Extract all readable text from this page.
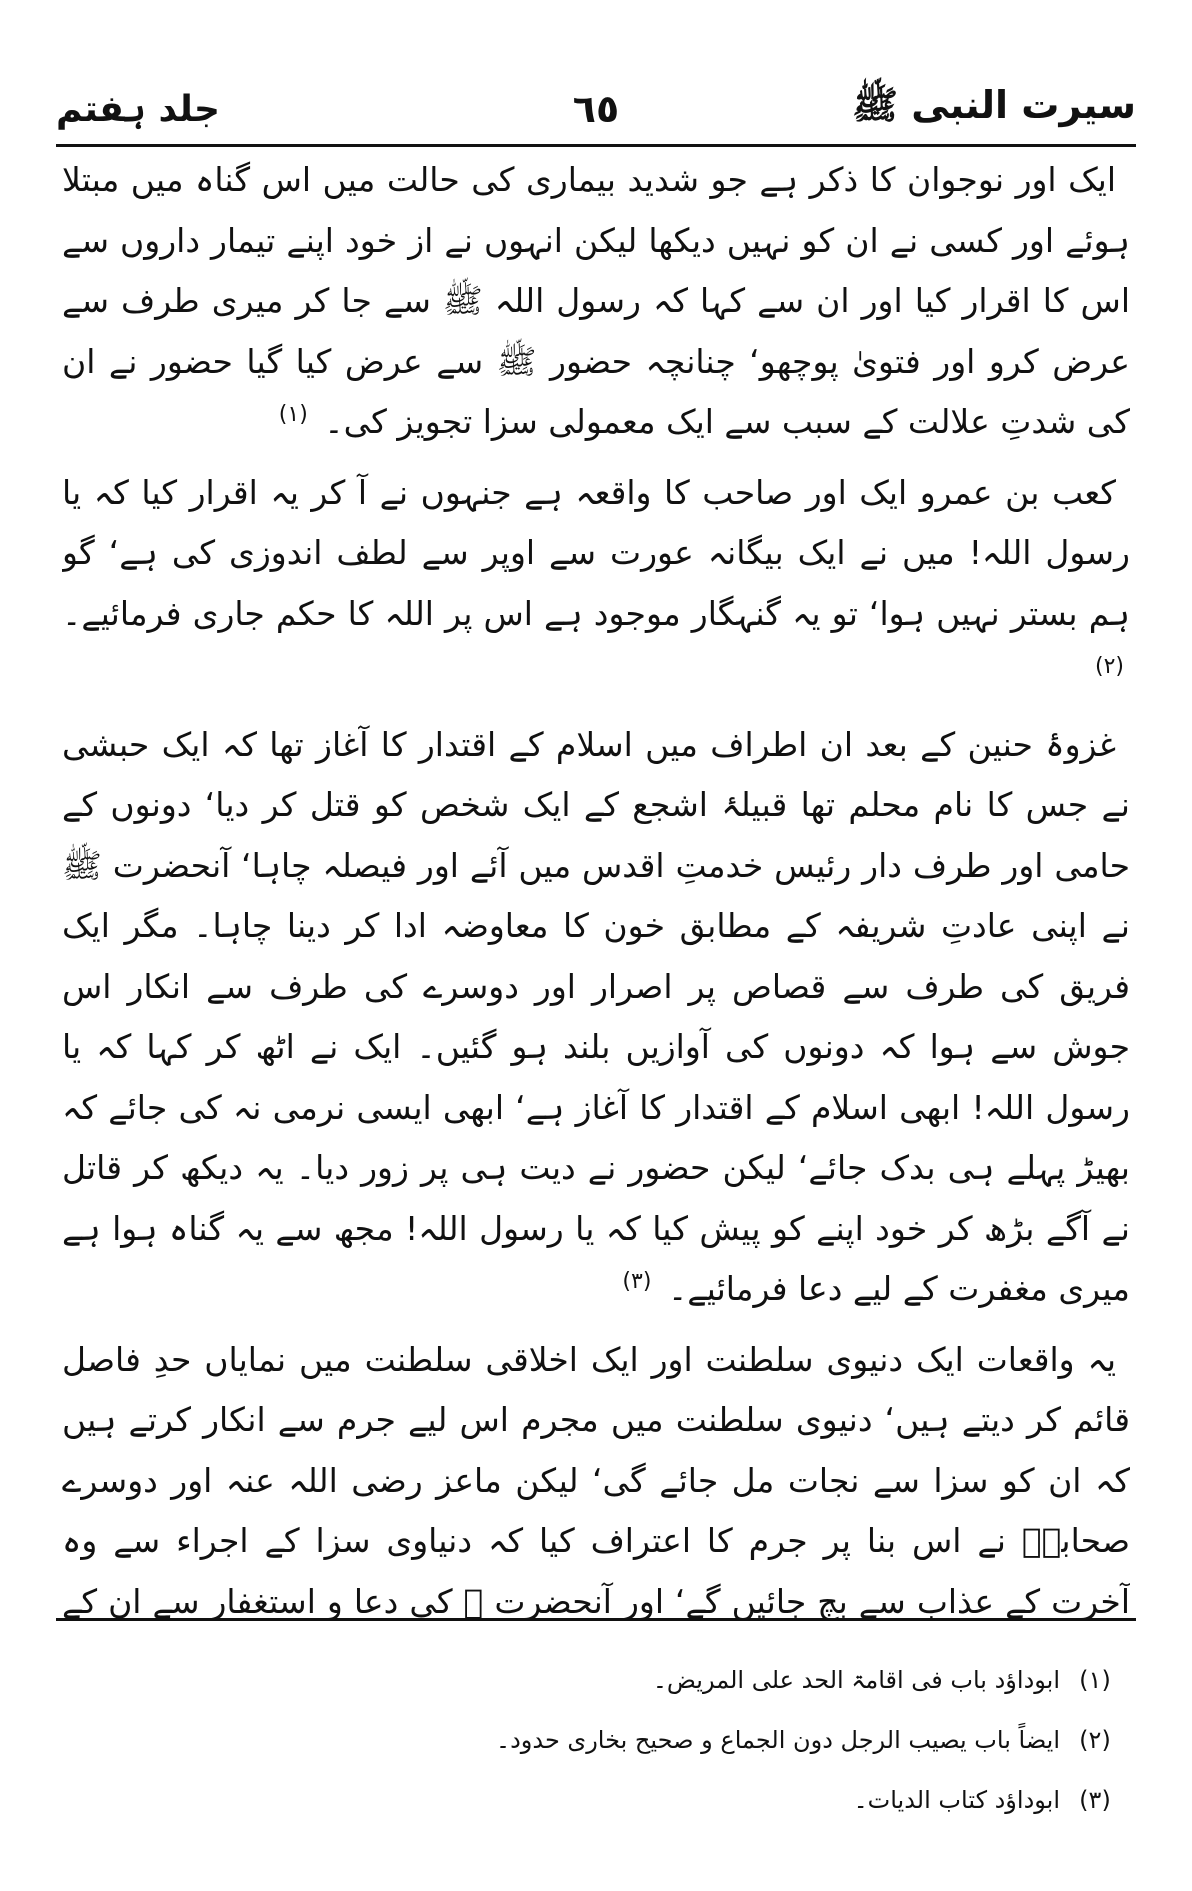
سیرت النبی ﷺ
٦٥
جلد ہفتم

ایک اور نوجوان کا ذکر ہے جو شدید بیماری کی حالت میں اس گناہ میں مبتلا ہوئے اور کسی نے ان کو نہیں دیکھا لیکن انہوں نے از خود اپنے تیمار داروں سے اس کا اقرار کیا اور ان سے کہا کہ رسول اللہ ﷺ سے جا کر میری طرف سے عرض کرو اور فتویٰ پوچھو‘ چنانچہ حضور ﷺ سے عرض کیا گیا حضور نے ان کی شدتِ علالت کے سبب سے ایک معمولی سزا تجویز کی۔ $^{(۱)}$

کعب بن عمرو ایک اور صاحب کا واقعہ ہے جنہوں نے آ کر یہ اقرار کیا کہ یا رسول اللہ! میں نے ایک بیگانہ عورت سے اوپر سے لطف اندوزی کی ہے‘ گو ہم بستر نہیں ہوا‘ تو یہ گنہگار موجود ہے اس پر اللہ کا حکم جاری فرمائیے۔ $^{(۲)}$

غزوۂ حنین کے بعد ان اطراف میں اسلام کے اقتدار کا آغاز تھا کہ ایک حبشی نے جس کا نام محلم تھا قبیلۂ اشجع کے ایک شخص کو قتل کر دیا‘ دونوں کے حامی اور طرف دار رئیس خدمتِ اقدس میں آئے اور فیصلہ چاہا‘ آنحضرت ﷺ نے اپنی عادتِ شریفہ کے مطابق خون کا معاوضہ ادا کر دینا چاہا۔ مگر ایک فریق کی طرف سے قصاص پر اصرار اور دوسرے کی طرف سے انکار اس جوش سے ہوا کہ دونوں کی آوازیں بلند ہو گئیں۔ ایک نے اٹھ کر کہا کہ یا رسول اللہ! ابھی اسلام کے اقتدار کا آغاز ہے‘ ابھی ایسی نرمی نہ کی جائے کہ بھیڑ پہلے ہی بدک جائے‘ لیکن حضور نے دیت ہی پر زور دیا۔ یہ دیکھ کر قاتل نے آگے بڑھ کر خود اپنے کو پیش کیا کہ یا رسول اللہ! مجھ سے یہ گناہ ہوا ہے میری مغفرت کے لیے دعا فرمائیے۔ $^{(۳)}$

یہ واقعات ایک دنیوی سلطنت اور ایک اخلاقی سلطنت میں نمایاں حدِ فاصل قائم کر دیتے ہیں‘ دنیوی سلطنت میں مجرم اس لیے جرم سے انکار کرتے ہیں کہ ان کو سزا سے نجات مل جائے گی‘ لیکن ماعز رضی اللہ عنہ اور دوسرے صحابہؓ نے اس بنا پر جرم کا اعتراف کیا کہ دنیاوی سزا کے اجراء سے وہ آخرت کے عذاب سے بچ جائیں گے‘ اور آنحضرت ﷺ کی دعا و استغفار سے ان کے

(۱)
ابوداؤد باب فی اقامۃ الحد علی المریض۔
(۲)
ایضاً باب یصیب الرجل دون الجماع و صحیح بخاری حدود۔
(۳)
ابوداؤد کتاب الدیات۔
